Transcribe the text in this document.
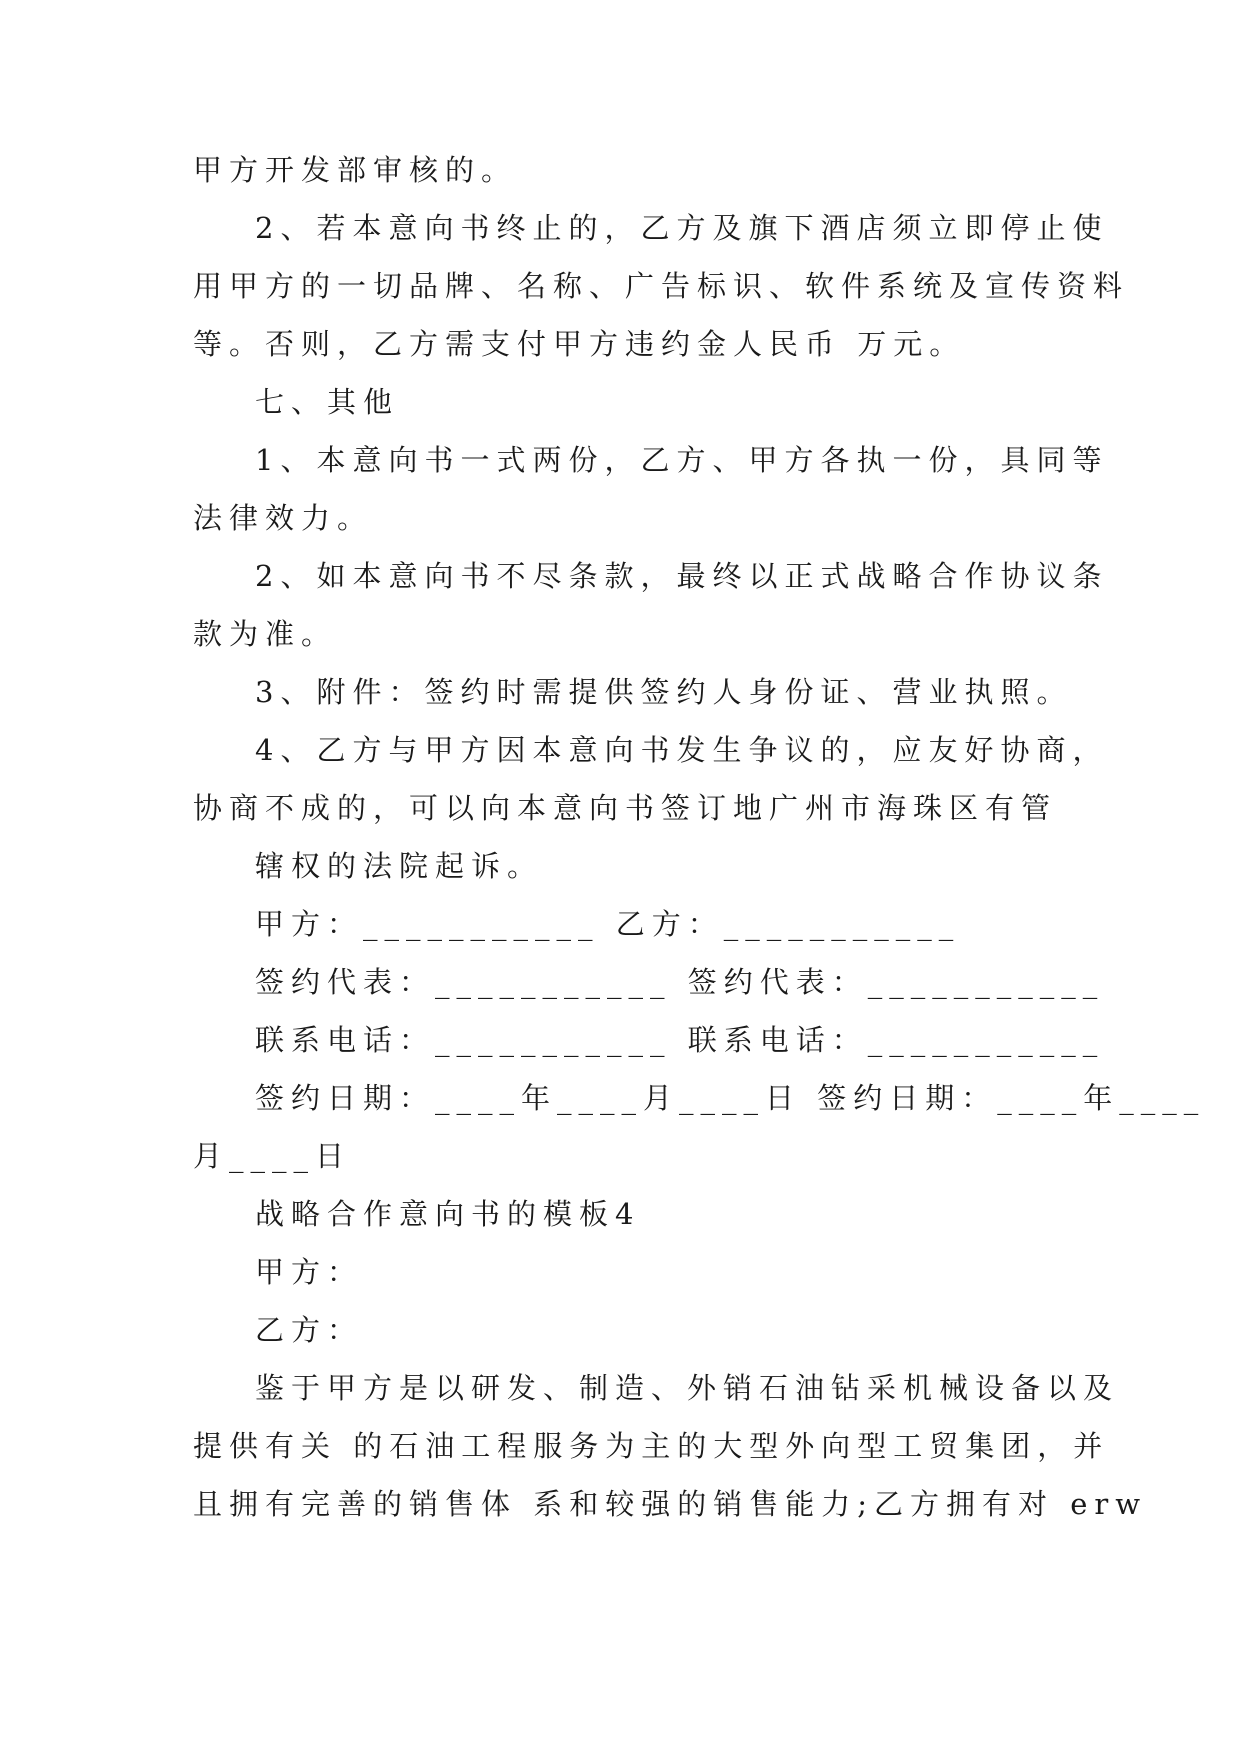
甲方开发部审核的。
2、若本意向书终止的，乙方及旗下酒店须立即停止使
用甲方的一切品牌、名称、广告标识、软件系统及宣传资料
等。否则，乙方需支付甲方违约金人民币 万元。
七、其他
1、本意向书一式两份，乙方、甲方各执一份，具同等
法律效力。
2、如本意向书不尽条款，最终以正式战略合作协议条
款为准。
3、附件：签约时需提供签约人身份证、营业执照。
4、乙方与甲方因本意向书发生争议的，应友好协商，
协商不成的，可以向本意向书签订地广州市海珠区有管
辖权的法院起诉。
甲方：___________ 乙方：___________
签约代表：___________ 签约代表：___________
联系电话：___________ 联系电话：___________
签约日期：____年____月____日 签约日期：____年____
月____日
战略合作意向书的模板4
甲方：
乙方：
鉴于甲方是以研发、制造、外销石油钻采机械设备以及
提供有关 的石油工程服务为主的大型外向型工贸集团，并
且拥有完善的销售体 系和较强的销售能力;乙方拥有对 erw
